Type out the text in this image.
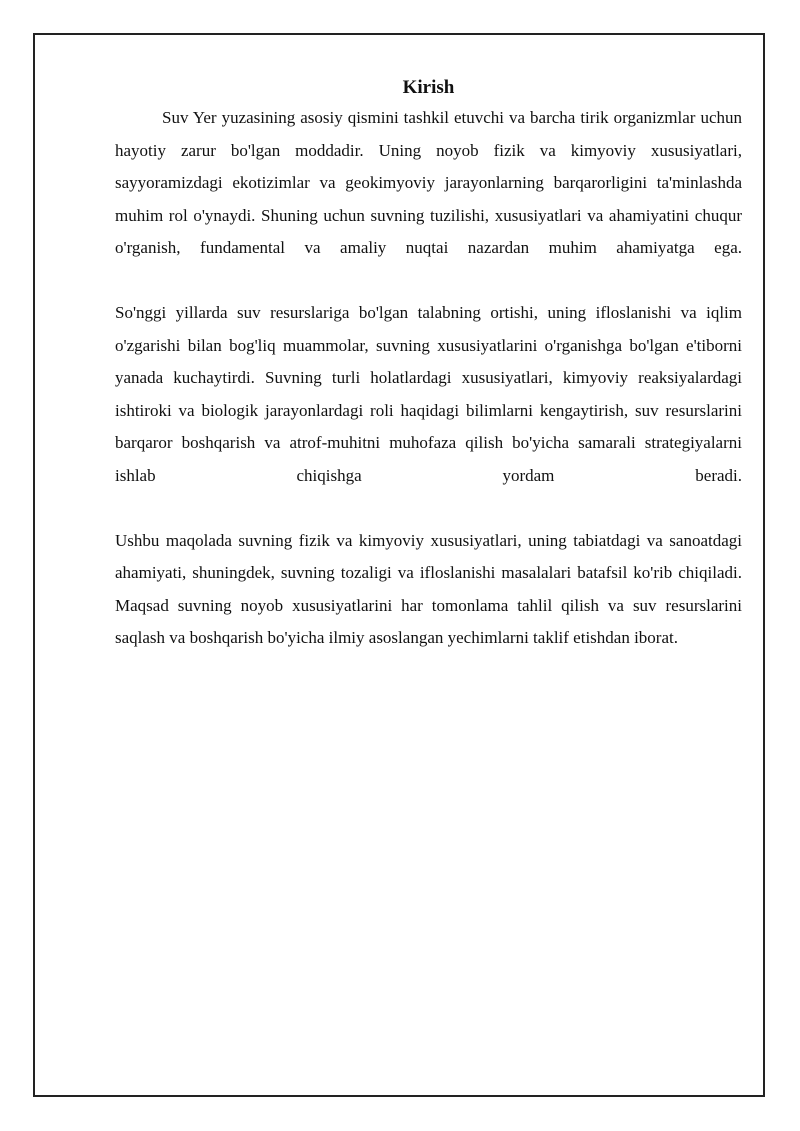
Kirish

Suv Yer yuzasining asosiy qismini tashkil etuvchi va barcha tirik organizmlar uchun hayotiy zarur bo'lgan moddadir. Uning noyob fizik va kimyoviy xususiyatlari, sayyoramizdagi ekotizimlar va geokimyoviy jarayonlarning barqarorligini ta'minlashda muhim rol o'ynaydi. Shuning uchun suvning tuzilishi, xususiyatlari va ahamiyatini chuqur o'rganish, fundamental va amaliy nuqtai nazardan muhim ahamiyatga ega.

So'nggi yillarda suv resurslariga bo'lgan talabning ortishi, uning ifloslanishi va iqlim o'zgarishi bilan bog'liq muammolar, suvning xususiyatlarini o'rganishga bo'lgan e'tiborni yanada kuchaytirdi. Suvning turli holatlardagi xususiyatlari, kimyoviy reaksiyalardagi ishtiroki va biologik jarayonlardagi roli haqidagi bilimlarni kengaytirish, suv resurslarini barqaror boshqarish va atrof-muhitni muhofaza qilish bo'yicha samarali strategiyalarni ishlab chiqishga yordam beradi.

Ushbu maqolada suvning fizik va kimyoviy xususiyatlari, uning tabiatdagi va sanoatdagi ahamiyati, shuningdek, suvning tozaligi va ifloslanishi masalalari batafsil ko'rib chiqiladi. Maqsad suvning noyob xususiyatlarini har tomonlama tahlil qilish va suv resurslarini saqlash va boshqarish bo'yicha ilmiy asoslangan yechimlarni taklif etishdan iborat.
